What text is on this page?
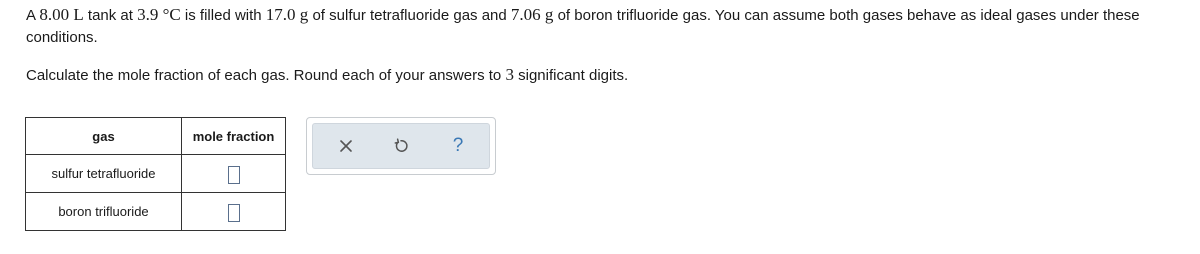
A 8.00 L tank at 3.9 °C is filled with 17.0 g of sulfur tetrafluoride gas and 7.06 g of boron trifluoride gas. You can assume both gases behave as ideal gases under these conditions.

Calculate the mole fraction of each gas. Round each of your answers to 3 significant digits.

gas	mole fraction
sulfur tetrafluoride	
boron trifluoride	
?
